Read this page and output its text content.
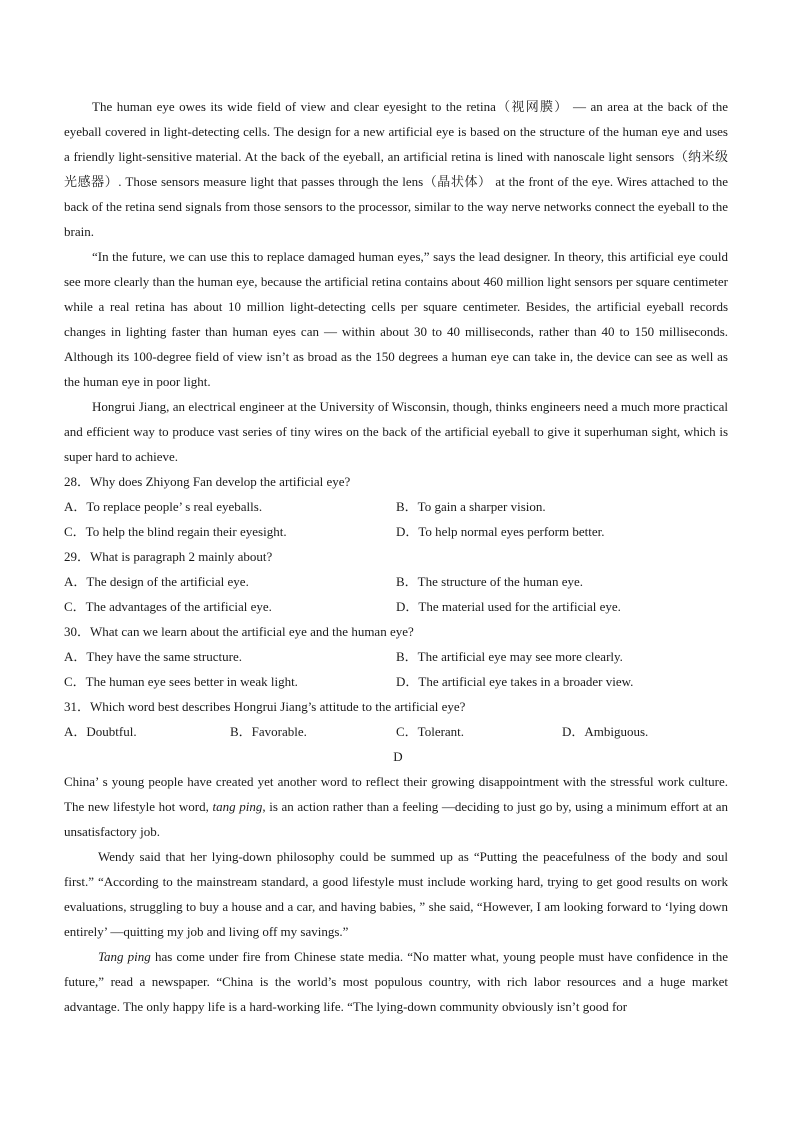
The human eye owes its wide field of view and clear eyesight to the retina（视网膜） — an area at the back of the eyeball covered in light-detecting cells. The design for a new artificial eye is based on the structure of the human eye and uses a friendly light-sensitive material. At the back of the eyeball, an artificial retina is lined with nanoscale light sensors（纳米级光感器）. Those sensors measure light that passes through the lens（晶状体） at the front of the eye. Wires attached to the back of the retina send signals from those sensors to the processor, similar to the way nerve networks connect the eyeball to the brain.

“In the future, we can use this to replace damaged human eyes,” says the lead designer. In theory, this artificial eye could see more clearly than the human eye, because the artificial retina contains about 460 million light sensors per square centimeter while a real retina has about 10 million light-detecting cells per square centimeter. Besides, the artificial eyeball records changes in lighting faster than human eyes can — within about 30 to 40 milliseconds, rather than 40 to 150 milliseconds. Although its 100-degree field of view isn’t as broad as the 150 degrees a human eye can take in, the device can see as well as the human eye in poor light.

Hongrui Jiang, an electrical engineer at the University of Wisconsin, though, thinks engineers need a much more practical and efficient way to produce vast series of tiny wires on the back of the artificial eyeball to give it superhuman sight, which is super hard to achieve.

28．Why does Zhiyong Fan develop the artificial eye?

A．To replace people’ s real eyeballs.	B．To gain a sharper vision.
C．To help the blind regain their eyesight.	D．To help normal eyes perform better.

29．What is paragraph 2 mainly about?

A．The design of the artificial eye.	B．The structure of the human eye.
C．The advantages of the artificial eye.	D．The material used for the artificial eye.

30．What can we learn about the artificial eye and the human eye?

A．They have the same structure.	B．The artificial eye may see more clearly.
C．The human eye sees better in weak light.	D．The artificial eye takes in a broader view.

31．Which word best describes Hongrui Jiang’s attitude to the artificial eye?

A．Doubtful.	B．Favorable.	C．Tolerant.	D．Ambiguous.

D

China’ s young people have created yet another word to reflect their growing disappointment with the stressful work culture. The new lifestyle hot word, tang ping, is an action rather than a feeling —deciding to just go by, using a minimum effort at an unsatisfactory job.

Wendy said that her lying-down philosophy could be summed up as “Putting the peacefulness of the body and soul first.” “According to the mainstream standard, a good lifestyle must include working hard, trying to get good results on work evaluations, struggling to buy a house and a car, and having babies, ” she said, “However, I am looking forward to ‘lying down entirely’ —quitting my job and living off my savings.”

Tang ping has come under fire from Chinese state media. “No matter what, young people must have confidence in the future,” read a newspaper. “China is the world’s most populous country, with rich labor resources and a huge market advantage. The only happy life is a hard-working life. “The lying-down community obviously isn’t good for
